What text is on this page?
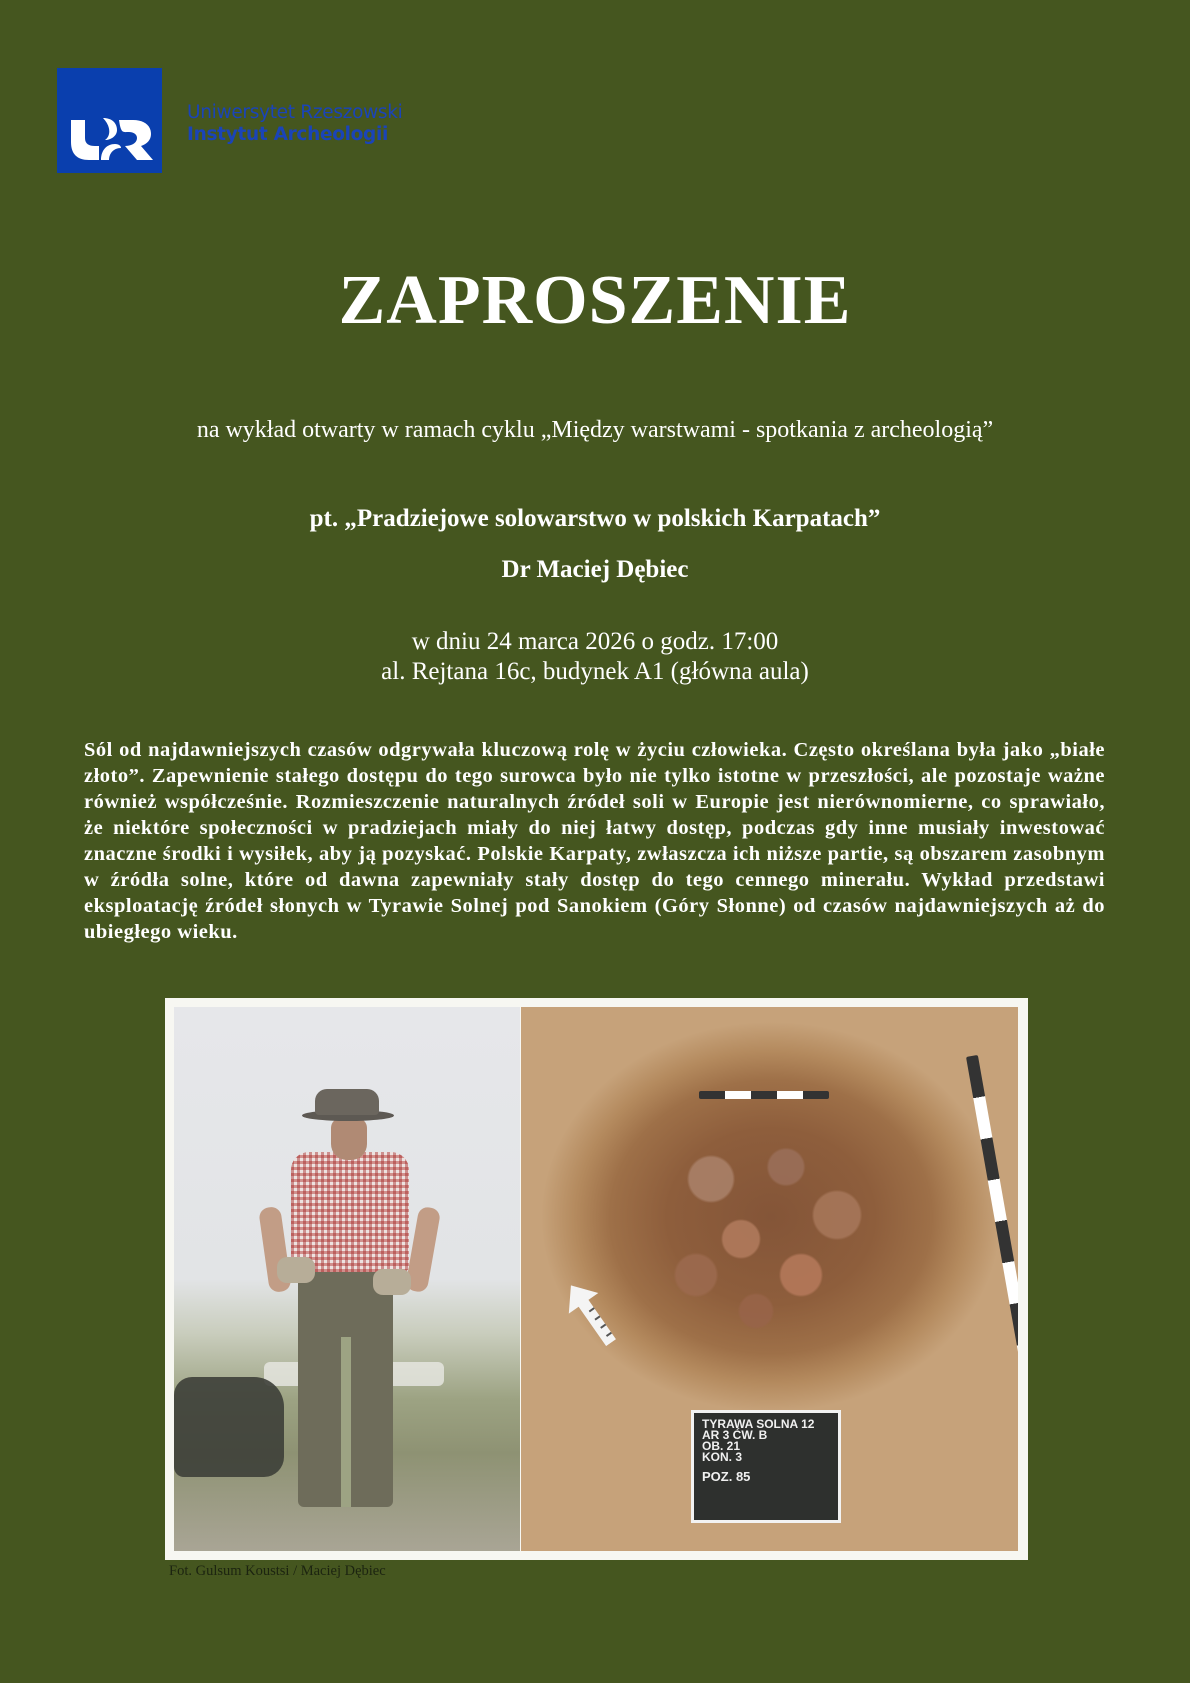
Uniwersytet Rzeszowski
Instytut Archeologii
ZAPROSZENIE
na wykład otwarty w ramach cyklu „Między warstwami - spotkania z archeologią”
pt. „Pradziejowe solowarstwo w polskich Karpatach”
Dr Maciej Dębiec
w dniu 24 marca 2026 o godz. 17:00
al. Rejtana 16c, budynek A1 (główna aula)
Sól od najdawniejszych czasów odgrywała kluczową rolę w życiu człowieka. Często określana była jako „białe złoto”. Zapewnienie stałego dostępu do tego surowca było nie tylko istotne w przeszłości, ale pozostaje ważne również współcześnie. Rozmieszczenie naturalnych źródeł soli w Europie jest nierównomierne, co sprawiało, że niektóre społeczności w pradziejach miały do niej łatwy dostęp, podczas gdy inne musiały inwestować znaczne środki i wysiłek, aby ją pozyskać. Polskie Karpaty, zwłaszcza ich niższe partie, są obszarem zasobnym w źródła solne, które od dawna zapewniały stały dostęp do tego cennego minerału. Wykład przedstawi eksploatację źródeł słonych w Tyrawie Solnej pod Sanokiem (Góry Słonne) od czasów najdawniejszych aż do ubiegłego wieku.
TYRAWA SOLNA 12
AR 3 ĆW. B
OB. 21
KON. 3
POZ. 85
Fot. Gulsum Koustsi / Maciej Dębiec
